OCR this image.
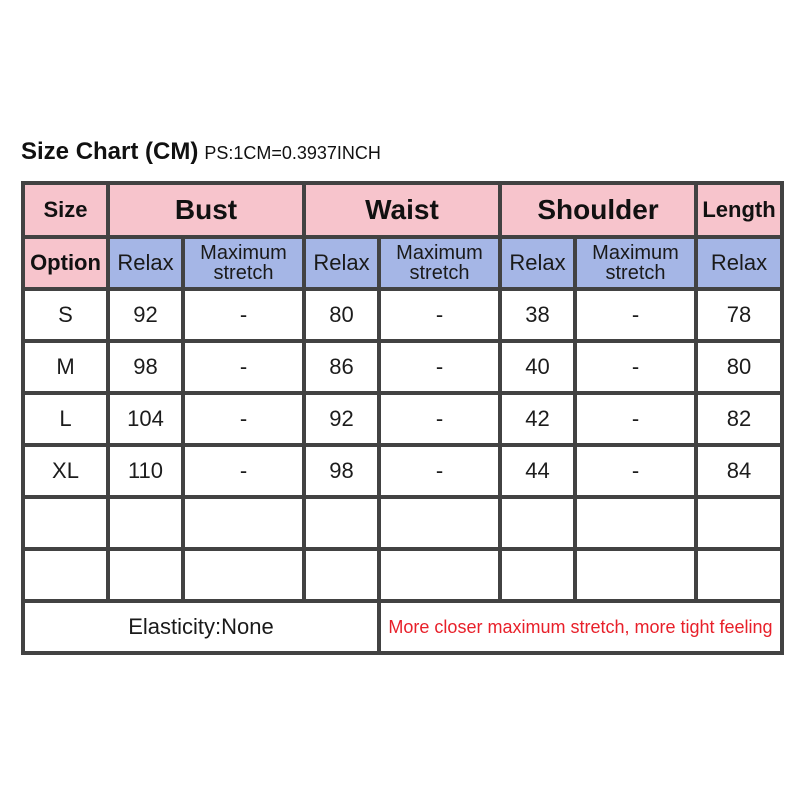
Size Chart (CM) PS:1CM=0.3937INCH
Size	Bust		Waist		Shoulder		Length
Option	Relax	Maximum stretch	Relax	Maximum stretch	Relax	Maximum stretch	Relax
S	92	-	80	-	38	-	78
M	98	-	86	-	40	-	80
L	104	-	92	-	42	-	82
XL	110	-	98	-	44	-	84

Elasticity:None				More closer maximum stretch, more tight feeling			
